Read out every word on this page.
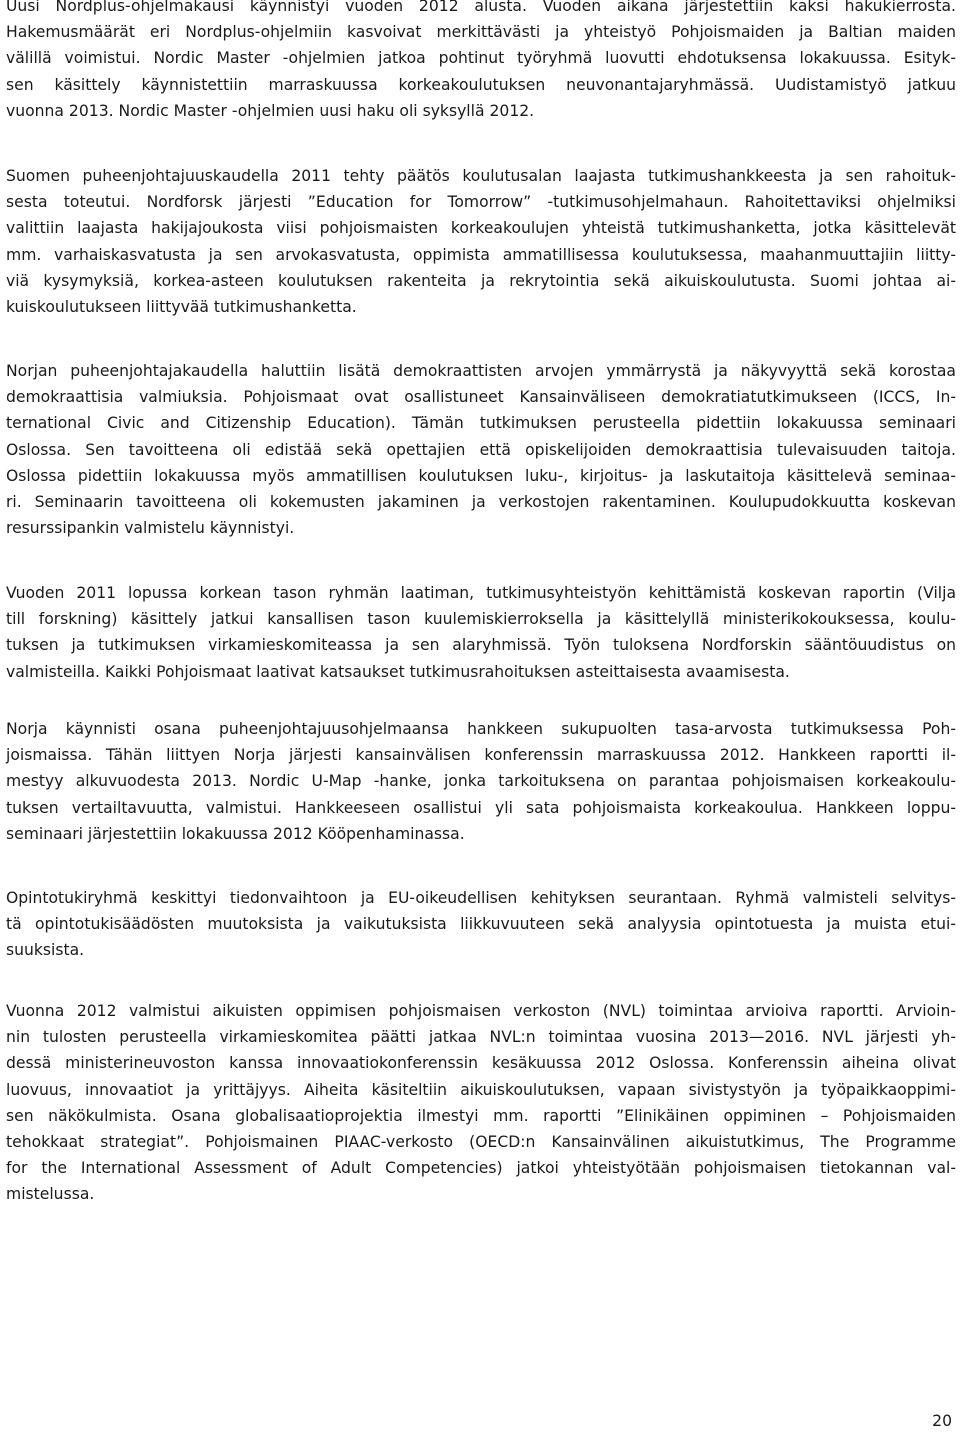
Uusi Nordplus-ohjelmakausi käynnistyi vuoden 2012 alusta. Vuoden aikana järjestettiin kaksi hakukierrosta.
Hakemusmäärät eri Nordplus-ohjelmiin kasvoivat merkittävästi ja yhteistyö Pohjoismaiden ja Baltian maiden
välillä voimistui. Nordic Master -ohjelmien jatkoa pohtinut työryhmä luovutti ehdotuksensa lokakuussa. Esityk-
sen käsittely käynnistettiin marraskuussa korkeakoulutuksen neuvonantajaryhmässä. Uudistamistyö jatkuu
vuonna 2013. Nordic Master -ohjelmien uusi haku oli syksyllä 2012.
Suomen puheenjohtajuuskaudella 2011 tehty päätös koulutusalan laajasta tutkimushankkeesta ja sen rahoituk-
sesta toteutui. Nordforsk järjesti ”Education for Tomorrow” -tutkimusohjelmahaun. Rahoitettaviksi ohjelmiksi
valittiin laajasta hakijajoukosta viisi pohjoismaisten korkeakoulujen yhteistä tutkimushanketta, jotka käsittelevät
mm. varhaiskasvatusta ja sen arvokasvatusta, oppimista ammatillisessa koulutuksessa, maahanmuuttajiin liitty-
viä kysymyksiä, korkea-asteen koulutuksen rakenteita ja rekrytointia sekä aikuiskoulutusta. Suomi johtaa ai-
kuiskoulutukseen liittyvää tutkimushanketta.
Norjan puheenjohtajakaudella haluttiin lisätä demokraattisten arvojen ymmärrystä ja näkyvyyttä sekä korostaa
demokraattisia valmiuksia. Pohjoismaat ovat osallistuneet Kansainväliseen demokratiatutkimukseen (ICCS, In-
ternational Civic and Citizenship Education). Tämän tutkimuksen perusteella pidettiin lokakuussa seminaari
Oslossa. Sen tavoitteena oli edistää sekä opettajien että opiskelijoiden demokraattisia tulevaisuuden taitoja.
Oslossa pidettiin lokakuussa myös ammatillisen koulutuksen luku-, kirjoitus- ja laskutaitoja käsittelevä seminaa-
ri. Seminaarin tavoitteena oli kokemusten jakaminen ja verkostojen rakentaminen. Koulupudokkuutta koskevan
resurssipankin valmistelu käynnistyi.
Vuoden 2011 lopussa korkean tason ryhmän laatiman, tutkimusyhteistyön kehittämistä koskevan raportin (Vilja
till forskning) käsittely jatkui kansallisen tason kuulemiskierroksella ja käsittelyllä ministerikokouksessa, koulu-
tuksen ja tutkimuksen virkamieskomiteassa ja sen alaryhmissä. Työn tuloksena Nordforskin sääntöuudistus on
valmisteilla. Kaikki Pohjoismaat laativat katsaukset tutkimusrahoituksen asteittaisesta avaamisesta.
Norja käynnisti osana puheenjohtajuusohjelmaansa hankkeen sukupuolten tasa-arvosta tutkimuksessa Poh-
joismaissa. Tähän liittyen Norja järjesti kansainvälisen konferenssin marraskuussa 2012. Hankkeen raportti il-
mestyy alkuvuodesta 2013. Nordic U-Map -hanke, jonka tarkoituksena on parantaa pohjoismaisen korkeakoulu-
tuksen vertailtavuutta, valmistui. Hankkeeseen osallistui yli sata pohjoismaista korkeakoulua. Hankkeen loppu-
seminaari järjestettiin lokakuussa 2012 Kööpenhaminassa.
Opintotukiryhmä keskittyi tiedonvaihtoon ja EU-oikeudellisen kehityksen seurantaan. Ryhmä valmisteli selvitys-
tä opintotukisäädösten muutoksista ja vaikutuksista liikkuvuuteen sekä analyysia opintotuesta ja muista etui-
suuksista.
Vuonna 2012 valmistui aikuisten oppimisen pohjoismaisen verkoston (NVL) toimintaa arvioiva raportti. Arvioin-
nin tulosten perusteella virkamieskomitea päätti jatkaa NVL:n toimintaa vuosina 2013—2016. NVL järjesti yh-
dessä ministerineuvoston kanssa innovaatiokonferenssin kesäkuussa 2012 Oslossa. Konferenssin aiheina olivat
luovuus, innovaatiot ja yrittäjyys. Aiheita käsiteltiin aikuiskoulutuksen, vapaan sivistystyön ja työpaikkaoppimi-
sen näkökulmista. Osana globalisaatioprojektia ilmestyi mm. raportti ”Elinikäinen oppiminen – Pohjoismaiden
tehokkaat strategiat”. Pohjoismainen PIAAC-verkosto (OECD:n Kansainvälinen aikuistutkimus, The Programme
for the International Assessment of Adult Competencies) jatkoi yhteistyötään pohjoismaisen tietokannan val-
mistelussa.
20
